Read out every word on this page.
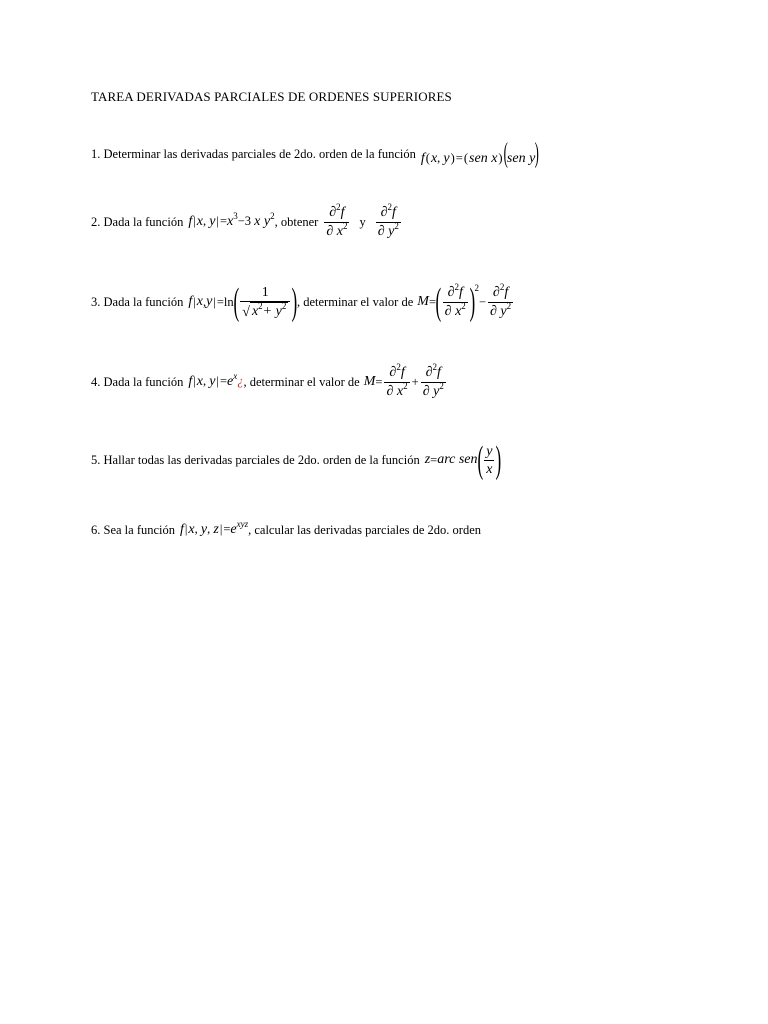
TAREA DERIVADAS PARCIALES DE ORDENES SUPERIORES
1. Determinar las derivadas parciales de 2do. orden de la función f(x, y)=(sen x)(sen y)
2. Dada la función f|x, $y|=x^3-3$ x $y^2$ , obtener $\frac{\partial^2f}{\partial x^2}$ y $\frac{\partial^2f}{\partial y^2}$
3. Dada la función f | x , y | =ln ( $\frac{1}{√ x^2+ y^2}$ ) , determinar el valor de M = ( $\frac{\partial^2f}{\partial x^2}$ ) 2
− $\frac{\partial^2f}{\partial y^2}$
4. Dada la función f|x, $y|=e^x¿$ , determinar el valor de $M = \frac{\partial^2f}{\partial x^2} + \frac{\partial^2f}{\partial y^2}$
5. Hallar todas las derivadas parciales de 2do. orden de la función z = arc sen ( $\frac{y}{x}$ )
6. Sea la función f|x, y, $z|=e^{xyz}$ , calcular las derivadas parciales de 2do. orden
